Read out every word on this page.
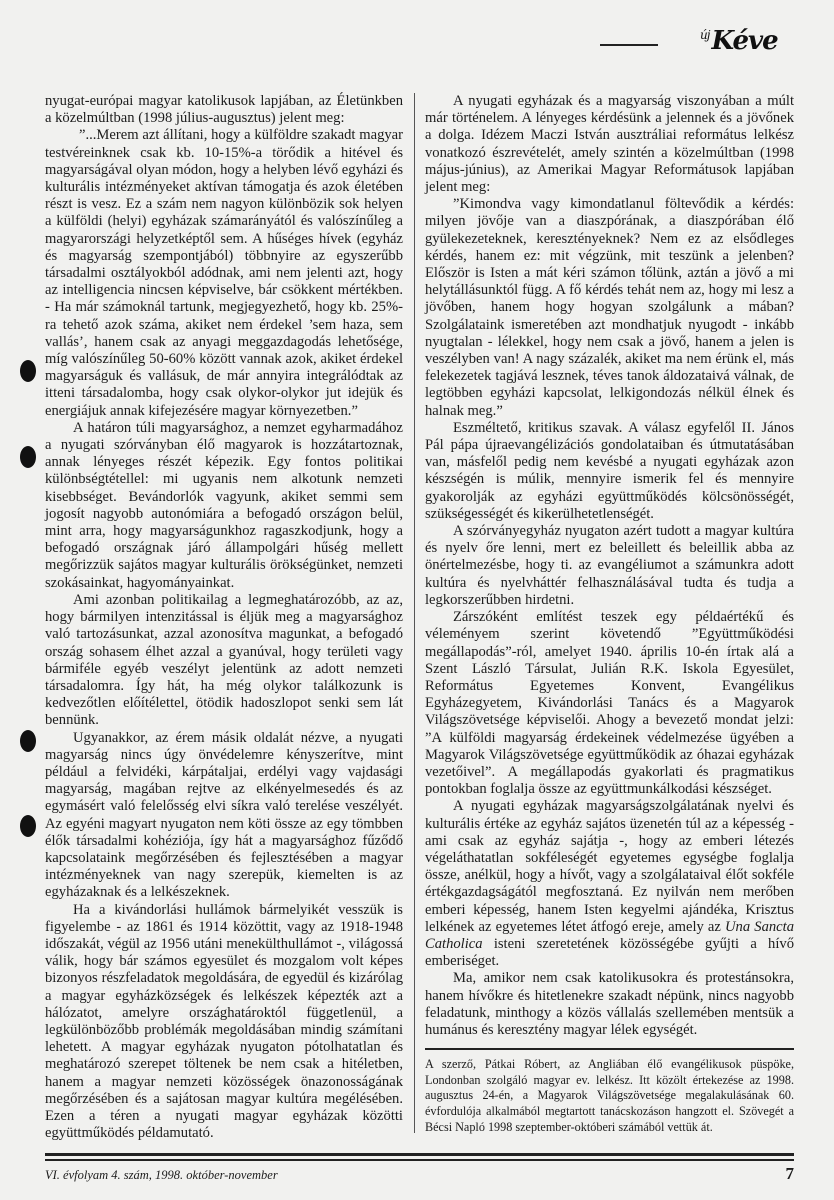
$^{új}$Kéve

nyugat-európai magyar katolikusok lapjában, az Életünkben a közelmúltban (1998 július-augusztus) jelent meg:

”...Merem azt állítani, hogy a külföldre szakadt magyar testvéreinknek csak kb. 10-15%-a törődik a hitével és magyarságával olyan módon, hogy a helyben lévő egyházi és kulturális intézményeket aktívan támogatja és azok életében részt is vesz. Ez a szám nem nagyon különbözik sok helyen a külföldi (helyi) egyházak számarányától és valószínűleg a magyarországi helyzetképtől sem. A hűséges hívek (egyház és magyarság szempontjából) többnyire az egyszerűbb társadalmi osztályokból adódnak, ami nem jelenti azt, hogy az intelligencia nincsen képviselve, bár csökkent mértékben. - Ha már számoknál tartunk, megjegyezhető, hogy kb. 25%-ra tehető azok száma, akiket nem érdekel ’sem haza, sem vallás’, hanem csak az anyagi meggazdagodás lehetősége, míg valószínűleg 50-60% között vannak azok, akiket érdekel magyarságuk és vallásuk, de már annyira integrálódtak az itteni társadalomba, hogy csak olykor-olykor jut idejük és energiájuk annak kifejezésére magyar környezetben.”

A határon túli magyarsághoz, a nemzet egyharmadához a nyugati szórványban élő magyarok is hozzátartoznak, annak lényeges részét képezik. Egy fontos politikai különbségtétellel: mi ugyanis nem alkotunk nemzeti kisebbséget. Bevándorlók vagyunk, akiket semmi sem jogosít nagyobb autonómiára a befogadó országon belül, mint arra, hogy magyarságunkhoz ragaszkodjunk, hogy a befogadó országnak járó állampolgári hűség mellett megőrizzük sajátos magyar kulturális örökségünket, nemzeti szokásainkat, hagyományainkat.

Ami azonban politikailag a legmeghatározóbb, az az, hogy bármilyen intenzitással is éljük meg a magyarsághoz való tartozásunkat, azzal azonosítva magunkat, a befogadó ország sohasem élhet azzal a gyanúval, hogy területi vagy bármiféle egyéb veszélyt jelentünk az adott nemzeti társadalomra. Így hát, ha még olykor találkozunk is kedvezőtlen előítélettel, ötödik hadoszlopot senki sem lát bennünk.

Ugyanakkor, az érem másik oldalát nézve, a nyugati magyarság nincs úgy önvédelemre kényszerítve, mint például a felvidéki, kárpátaljai, erdélyi vagy vajdasági magyarság, magában rejtve az elkényelmesedés és az egymásért való felelősség elvi síkra való terelése veszélyét. Az egyéni magyart nyugaton nem köti össze az egy tömbben élők társadalmi kohéziója, így hát a magyarsághoz fűződő kapcsolataink megőrzésében és fejlesztésében a magyar intézményeknek van nagy szerepük, kiemelten is az egyházaknak és a lelkészeknek.

Ha a kivándorlási hullámok bármelyikét vesszük is figyelembe - az 1861 és 1914 közöttit, vagy az 1918-1948 időszakát, végül az 1956 utáni menekülthullámot -, világossá válik, hogy bár számos egyesület és mozgalom volt képes bizonyos részfeladatok megoldására, de egyedül és kizárólag a magyar egyházközségek és lelkészek képezték azt a hálózatot, amelyre országhatároktól függetlenül, a legkülönbözőbb problémák megoldásában mindig számítani lehetett. A magyar egyházak nyugaton pótolhatatlan és meghatározó szerepet töltenek be nem csak a hitéletben, hanem a magyar nemzeti közösségek önazonosságának megőrzésében és a sajátosan magyar kultúra megélésében. Ezen a téren a nyugati magyar egyházak közötti együttműködés példamutató.

A nyugati egyházak és a magyarság viszonyában a múlt már történelem. A lényeges kérdésünk a jelennek és a jövőnek a dolga. Idézem Maczi István ausztráliai református lelkész vonatkozó észrevételét, amely szintén a közelmúltban (1998 május-június), az Amerikai Magyar Reformátusok lapjában jelent meg:

”Kimondva vagy kimondatlanul föltevődik a kérdés: milyen jövője van a diaszpórának, a diaszpórában élő gyülekezeteknek, keresztényeknek? Nem ez az elsődleges kérdés, hanem ez: mit végzünk, mit teszünk a jelenben? Először is Isten a mát kéri számon tőlünk, aztán a jövő a mi helytállásunktól függ. A fő kérdés tehát nem az, hogy mi lesz a jövőben, hanem hogy hogyan szolgálunk a mában? Szolgálataink ismeretében azt mondhatjuk nyugodt - inkább nyugtalan - lélekkel, hogy nem csak a jövő, hanem a jelen is veszélyben van! A nagy százalék, akiket ma nem érünk el, más felekezetek tagjává lesznek, téves tanok áldozataivá válnak, de legtöbben egyházi kapcsolat, lelkigondozás nélkül élnek és halnak meg.”

Eszméltető, kritikus szavak. A válasz egyfelől II. János Pál pápa újraevangélizációs gondolataiban és útmutatásában van, másfelől pedig nem kevésbé a nyugati egyházak azon készségén is múlik, mennyire ismerik fel és mennyire gyakorolják az egyházi együttműködés kölcsönösségét, szükségességét és kikerülhetetlenségét.

A szórványegyház nyugaton azért tudott a magyar kultúra és nyelv őre lenni, mert ez beleillett és beleillik abba az önértelmezésbe, hogy ti. az evangéliumot a számunkra adott kultúra és nyelvháttér felhasználásával tudta és tudja a legkorszerűbben hirdetni.

Zárszóként említést teszek egy példaértékű és véleményem szerint követendő ”Együttműködési megállapodás”-ról, amelyet 1940. április 10-én írtak alá a Szent László Társulat, Julián R.K. Iskola Egyesület, Református Egyetemes Konvent, Evangélikus Egyházegyetem, Kivándorlási Tanács és a Magyarok Világszövetsége képviselői. Ahogy a bevezető mondat jelzi: ”A külföldi magyarság érdekeinek védelmezése ügyében a Magyarok Világszövetsége együttműködik az óhazai egyházak vezetőivel”. A megállapodás gyakorlati és pragmatikus pontokban foglalja össze az együttmunkálkodási készséget.

A nyugati egyházak magyarságszolgálatának nyelvi és kulturális értéke az egyház sajátos üzenetén túl az a képesség - ami csak az egyház sajátja -, hogy az emberi létezés végeláthatatlan sokféleségét egyetemes egységbe foglalja össze, anélkül, hogy a hívőt, vagy a szolgálataival élőt sokféle értékgazdagságától megfosztaná. Ez nyilván nem merőben emberi képesség, hanem Isten kegyelmi ajándéka, Krisztus lelkének az egyetemes létet átfogó ereje, amely az Una Sancta Catholica isteni szeretetének közösségébe gyűjti a hívő emberiséget.

Ma, amikor nem csak katolikusokra és protestánsokra, hanem hívőkre és hitetlenekre szakadt népünk, nincs nagyobb feladatunk, minthogy a közös vállalás szellemében mentsük a humánus és keresztény magyar lélek egységét.

A szerző, Pátkai Róbert, az Angliában élő evangélikusok püspöke, Londonban szolgáló magyar ev. lelkész. Itt közölt értekezése az 1998. augusztus 24-én, a Magyarok Világszövetsége megalakulásának 60. évfordulója alkalmából megtartott tanácskozáson hangzott el. Szövegét a Bécsi Napló 1998 szeptember-októberi számából vettük át.

VI. évfolyam 4. szám, 1998. október-november	7
